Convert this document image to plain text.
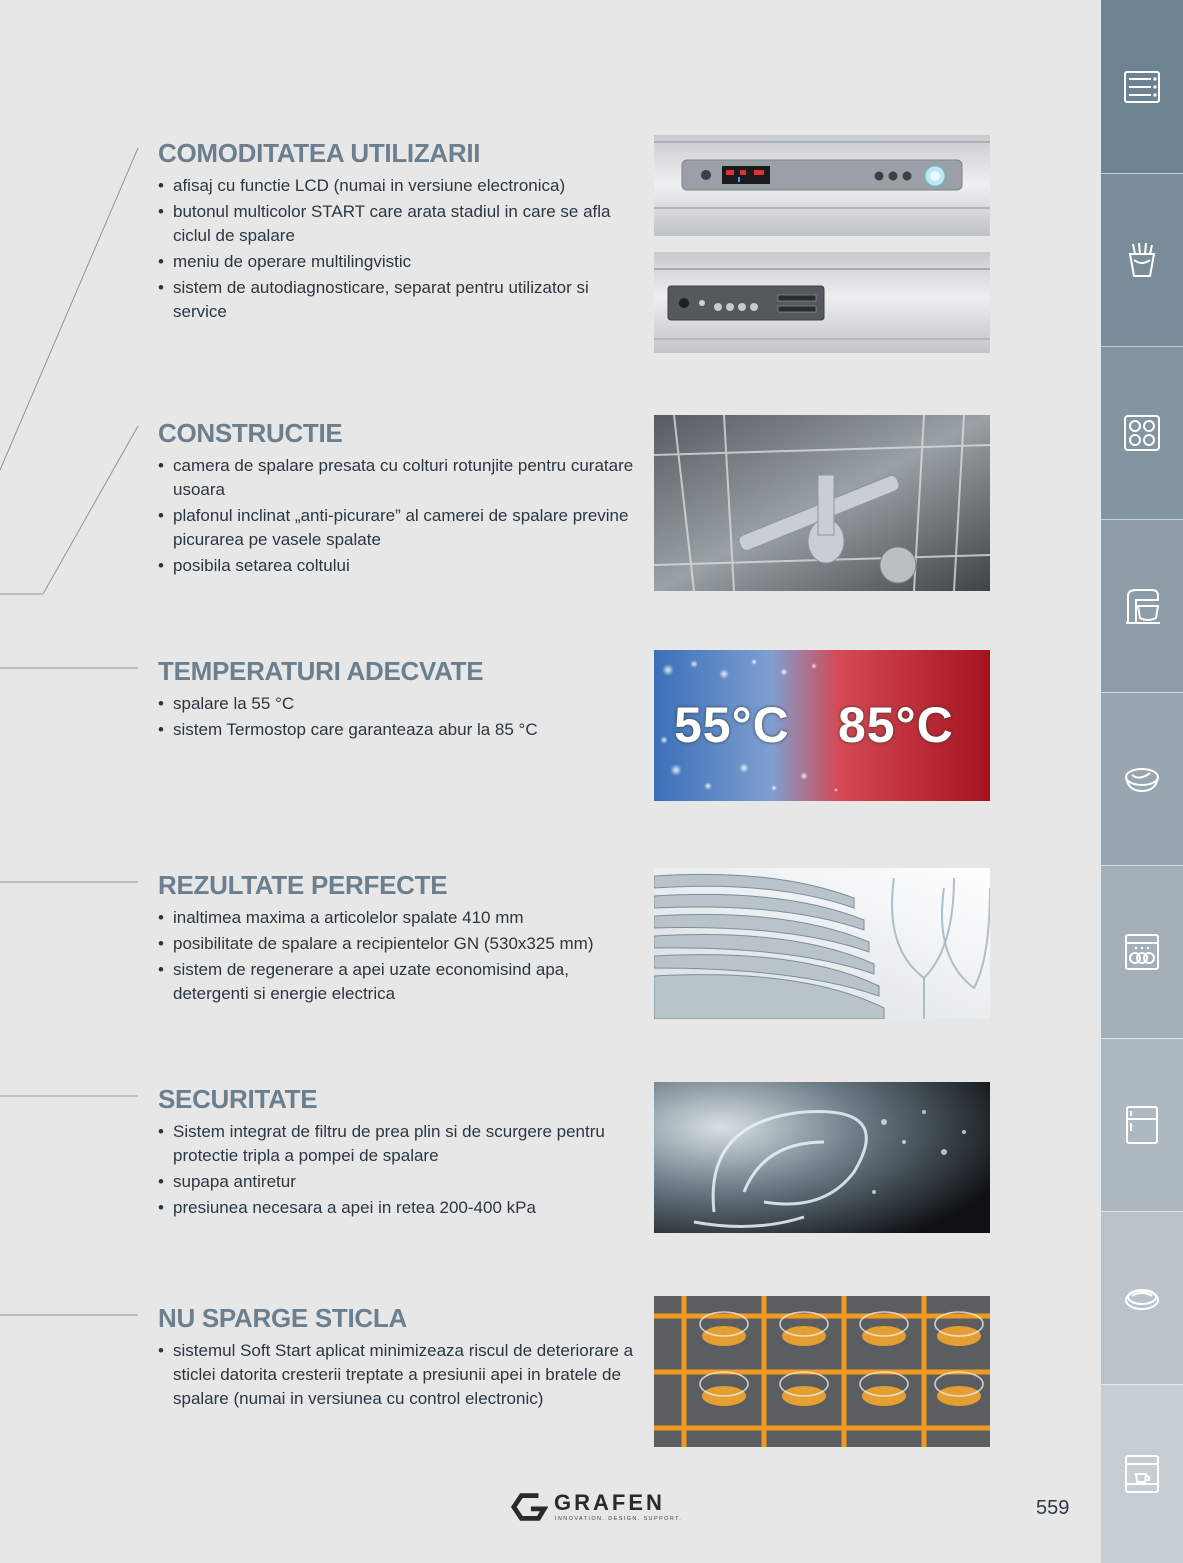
COMODITATEA UTILIZARII
• afisaj cu functie LCD (numai in versiune electronica)
• butonul multicolor START care arata stadiul in care se afla ciclul de spalare
• meniu de operare multilingvistic
• sistem de autodiagnosticare, separat pentru utilizator si service
CONSTRUCTIE
• camera de spalare presata cu colturi rotunjite pentru curatare usoara
• plafonul inclinat „anti-picurare” al camerei de spalare previne picurarea pe vasele spalate
• posibila setarea coltului
TEMPERATURI ADECVATE
• spalare la 55 °C
• sistem Termostop care garanteaza abur la 85 °C
REZULTATE PERFECTE
• inaltimea maxima a articolelor spalate 410 mm
• posibilitate de spalare a recipientelor GN (530x325 mm)
• sistem de regenerare a apei uzate economisind apa, detergenti si energie electrica
SECURITATE
• Sistem integrat de filtru de prea plin si de scurgere pentru protectie tripla a pompei de spalare
• supapa antiretur
• presiunea necesara a apei in retea 200-400 kPa
NU SPARGE STICLA
• sistemul Soft Start aplicat minimizeaza riscul de deteriorare a sticlei datorita cresterii treptate a presiunii apei in bratele de spalare (numai in versiunea cu control electronic)
55°C 85°C
GRAFEN
INNOVATION. DESIGN. SUPPORT.	559
